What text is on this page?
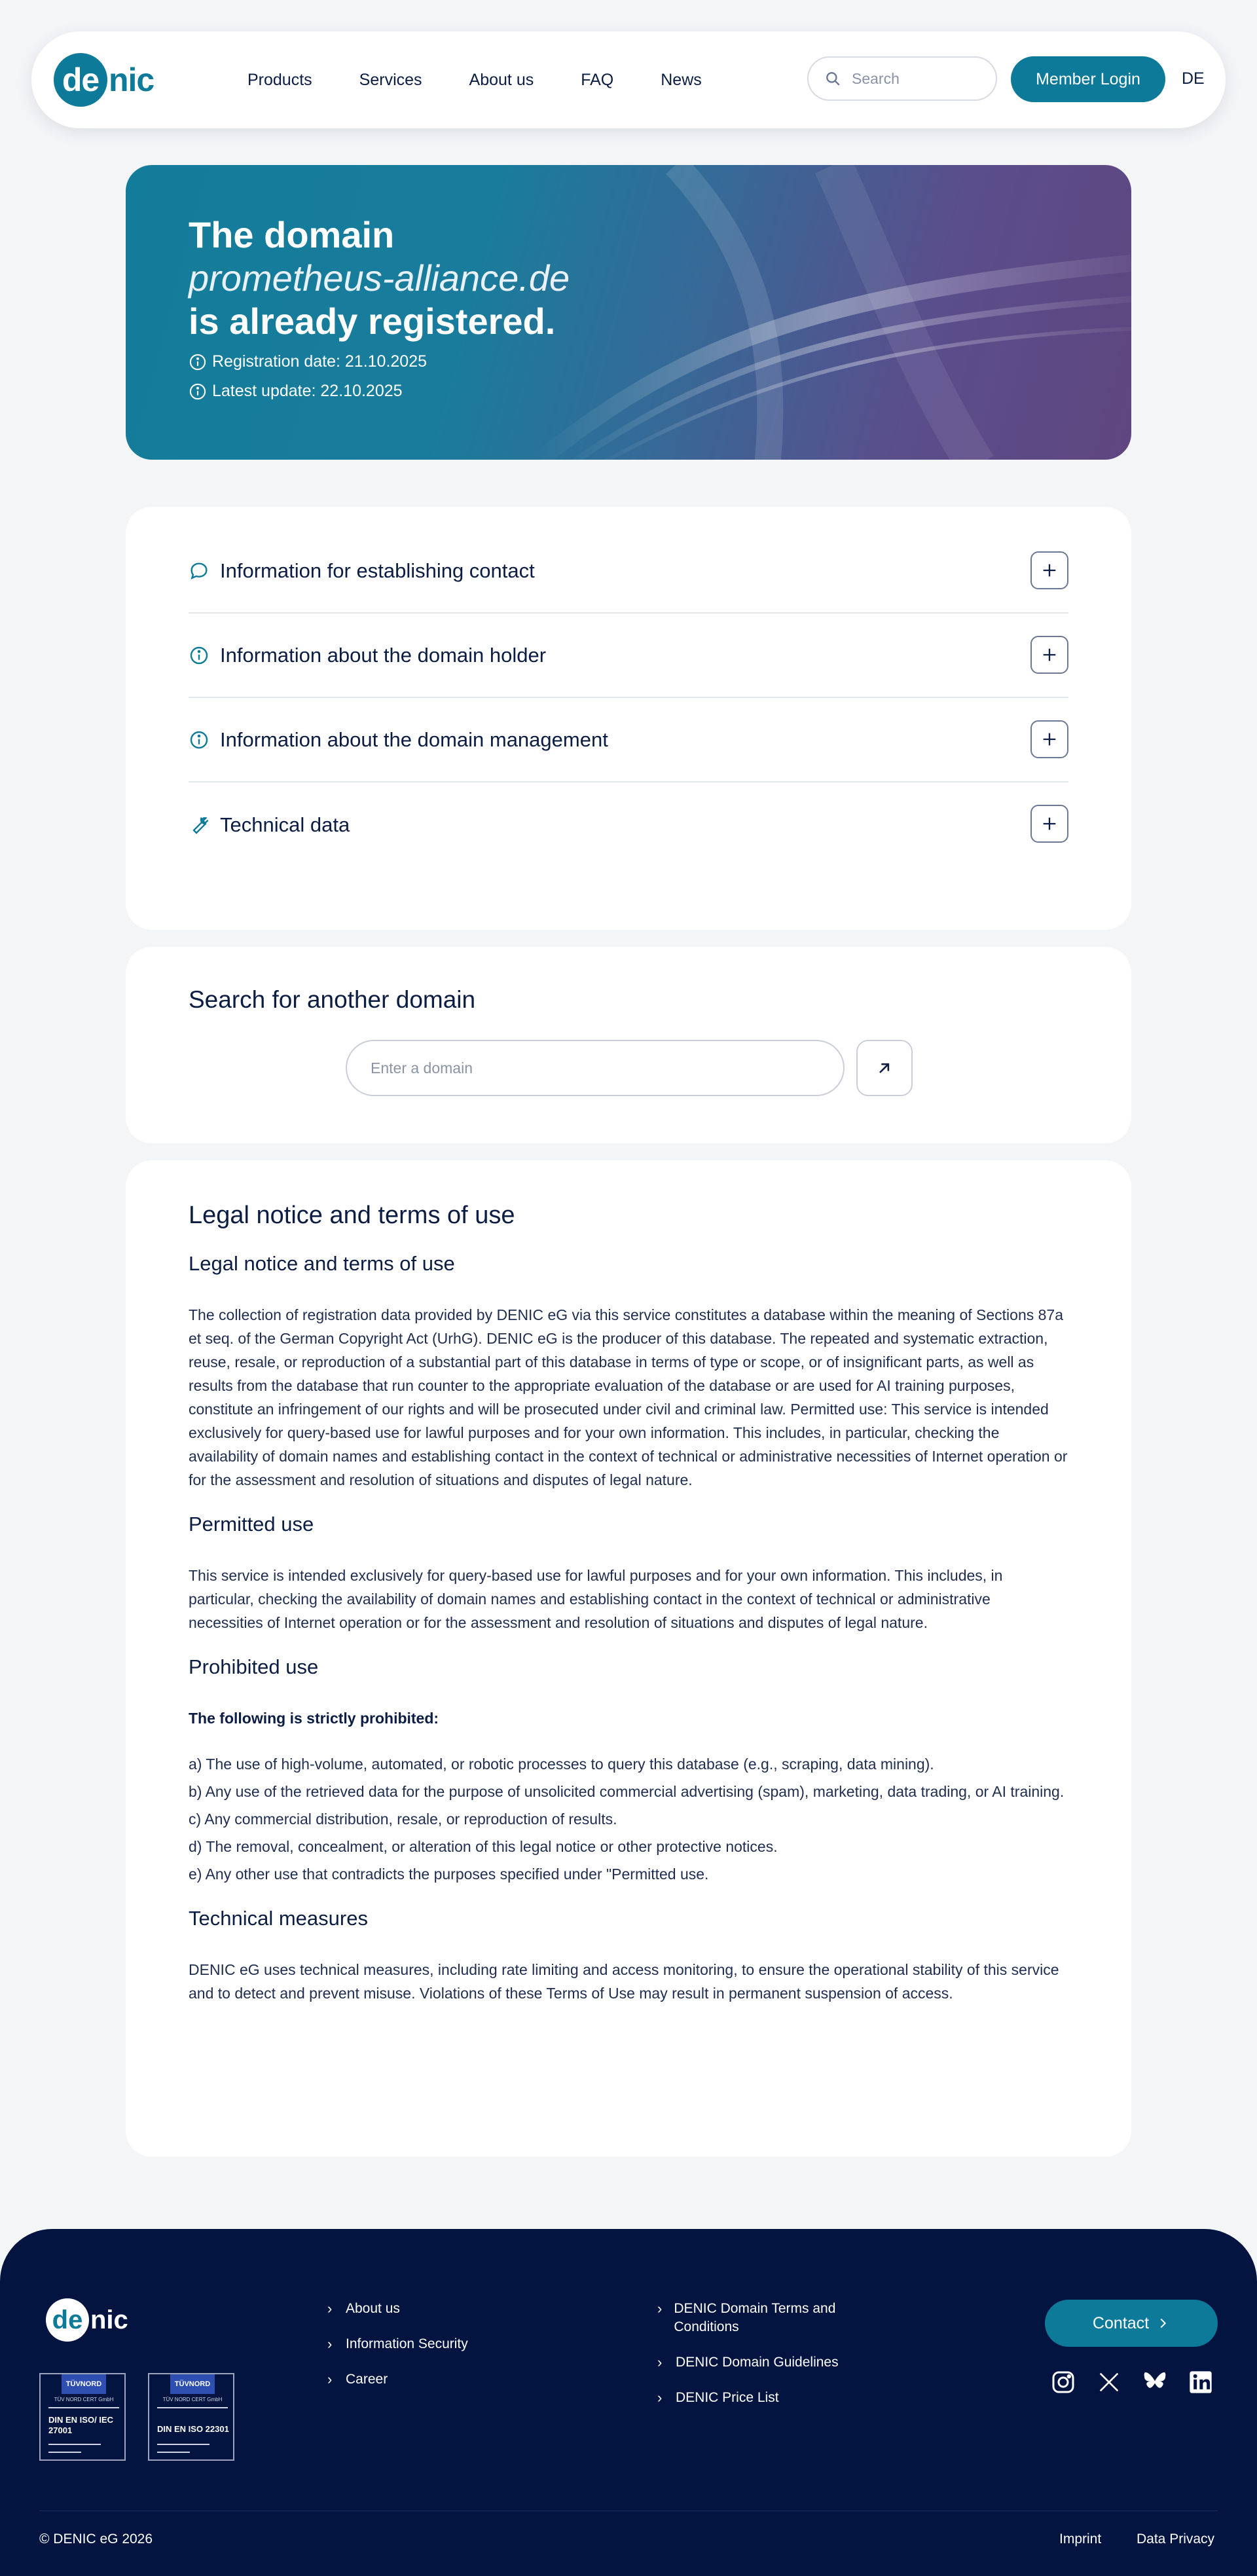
de nic	Products	Services	About us	FAQ	News	Search	Member Login	DE
The domain
prometheus-alliance.de
is already registered.
Registration date: 21.10.2025
Latest update: 22.10.2025
Information for establishing contact
Information about the domain holder
Information about the domain management
Technical data
Search for another domain
Enter a domain
Legal notice and terms of use
Legal notice and terms of use

The collection of registration data provided by DENIC eG via this service constitutes a database within the meaning of Sections 87a et seq. of the German Copyright Act (UrhG). DENIC eG is the producer of this database. The repeated and systematic extraction, reuse, resale, or reproduction of a substantial part of this database in terms of type or scope, or of insignificant parts, as well as results from the database that run counter to the appropriate evaluation of the database or are used for AI training purposes, constitute an infringement of our rights and will be prosecuted under civil and criminal law. Permitted use: This service is intended exclusively for query-based use for lawful purposes and for your own information. This includes, in particular, checking the availability of domain names and establishing contact in the context of technical or administrative necessities of Internet operation or for the assessment and resolution of situations and disputes of legal nature.

Permitted use

This service is intended exclusively for query-based use for lawful purposes and for your own information. This includes, in particular, checking the availability of domain names and establishing contact in the context of technical or administrative necessities of Internet operation or for the assessment and resolution of situations and disputes of legal nature.

Prohibited use

The following is strictly prohibited:

a) The use of high-volume, automated, or robotic processes to query this database (e.g., scraping, data mining).
b) Any use of the retrieved data for the purpose of unsolicited commercial advertising (spam), marketing, data trading, or AI training.
c) Any commercial distribution, resale, or reproduction of results.
d) The removal, concealment, or alteration of this legal notice or other protective notices.
e) Any other use that contradicts the purposes specified under "Permitted use.
Technical measures

DENIC eG uses technical measures, including rate limiting and access monitoring, to ensure the operational stability of this service and to detect and prevent misuse. Violations of these Terms of Use may result in permanent suspension of access.

de nic
TÜVNORD
TÜV NORD CERT GmbH
DIN EN ISO/ IEC 27001
TÜVNORD
TÜV NORD CERT GmbH
DIN EN ISO 22301
› About us
› Information Security
› Career
› DENIC Domain Terms and Conditions
› DENIC Domain Guidelines
› DENIC Price List
Contact
© DENIC eG 2026	Imprint	Data Privacy
